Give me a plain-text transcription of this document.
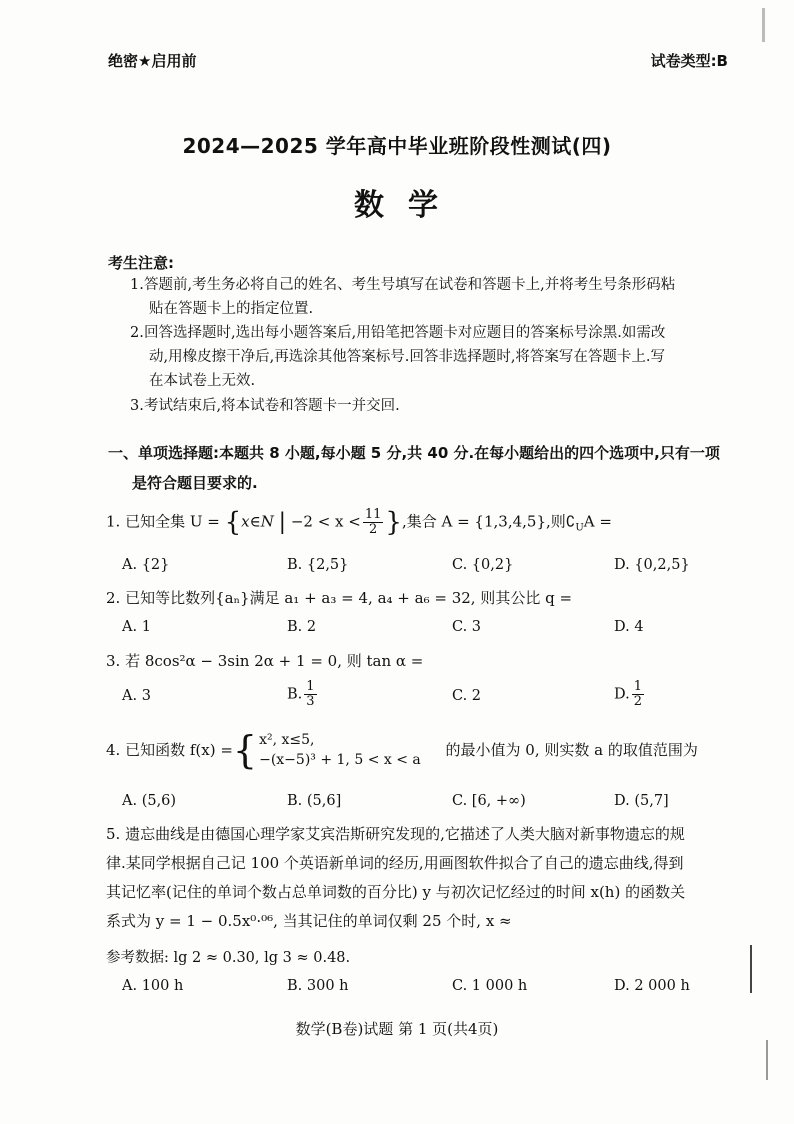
绝密★启用前	试卷类型:B
2024—2025 学年高中毕业班阶段性测试(四)
数学
考生注意:
1.答题前,考生务必将自己的姓名、考生号填写在试卷和答题卡上,并将考生号条形码粘
贴在答题卡上的指定位置.
2.回答选择题时,选出每小题答案后,用铅笔把答题卡对应题目的答案标号涂黑.如需改
动,用橡皮擦干净后,再选涂其他答案标号.回答非选择题时,将答案写在答题卡上.写
在本试卷上无效.
3.考试结束后,将本试卷和答题卡一并交回.
一、单项选择题:本题共 8 小题,每小题 5 分,共 40 分.在每小题给出的四个选项中,只有一项
是符合题目要求的.
1. 已知全集 U = {x∈N | $-2 < x < \frac{11}{2}$ },集合 A = {1,3,4,5},则$∁_UA$ =
A. {2}	B. {2,5}	C. {0,2}	D. {0,2,5}
2. 已知等比数列{aₙ}满足 a₁ + a₃ = 4, a₄ + a₆ = 32, 则其公比 q =
A. 1	B. 2	C. 3	D. 4
3. 若 8cos²α − 3sin 2α + 1 = 0, 则 tan α =
A. 3	B. $\frac{1}{3}$	C. 2	D. $\frac{1}{2}$
4. 已知函数 f(x) ={ x², x≤5,
−(x−5)³ + 1, 5 < x < a
的最小值为 0, 则实数 a 的取值范围为
A. (5,6)	B. (5,6]	C. [6, +∞)	D. (5,7]
5. 遗忘曲线是由德国心理学家艾宾浩斯研究发现的,它描述了人类大脑对新事物遗忘的规
律.某同学根据自己记 100 个英语新单词的经历,用画图软件拟合了自己的遗忘曲线,得到
其记忆率(记住的单词个数占总单词数的百分比) y 与初次记忆经过的时间 x(h) 的函数关
系式为 y = 1 − 0.5x⁰·⁰⁶, 当其记住的单词仅剩 25 个时, x ≈
参考数据: lg 2 ≈ 0.30, lg 3 ≈ 0.48.
A. 100 h	B. 300 h	C. 1 000 h	D. 2 000 h
数学(B卷)试题 第 1 页(共4页)
